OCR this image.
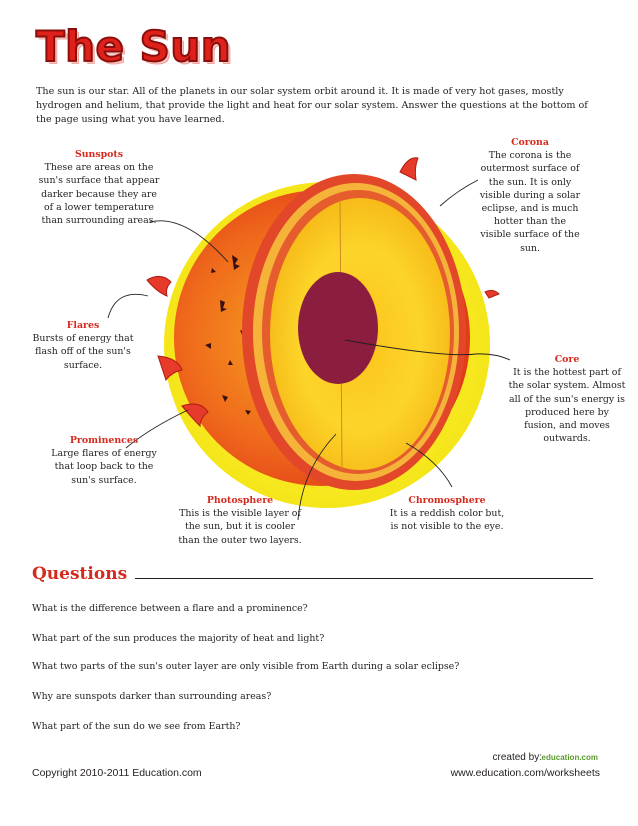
The Sun
The sun is our star. All of the planets in our solar system orbit around it. It is made of very hot gases, mostly hydrogen and helium, that provide the light and heat for our solar system. Answer the questions at the bottom of the page using what you have learned.
Sunspots
These are areas on the sun's surface that appear darker because they are of a lower temperature than surrounding areas.
Flares
Bursts of energy that flash off of the sun's surface.
Prominences
Large flares of energy that loop back to the sun's surface.
Photosphere
This is the visible layer of the sun, but it is cooler than the outer two layers.
Chromosphere
It is a reddish color but, is not visible to the eye.
Core
It is the hottest part of the solar system. Almost all of the sun's energy is produced here by fusion, and moves outwards.
Corona
The corona is the outermost surface of the sun. It is only visible during a solar eclipse, and is much hotter than the visible surface of the sun.
Questions
What is the difference between a flare and a prominence?
What part of the sun produces the majority of heat and light?
What two parts of the sun's outer layer are only visible from Earth during a solar eclipse?
Why are sunspots darker than surrounding areas?
What part of the sun do we see from Earth?
Copyright 2010-2011 Education.com	www.education.com/worksheets
created by: education.com
